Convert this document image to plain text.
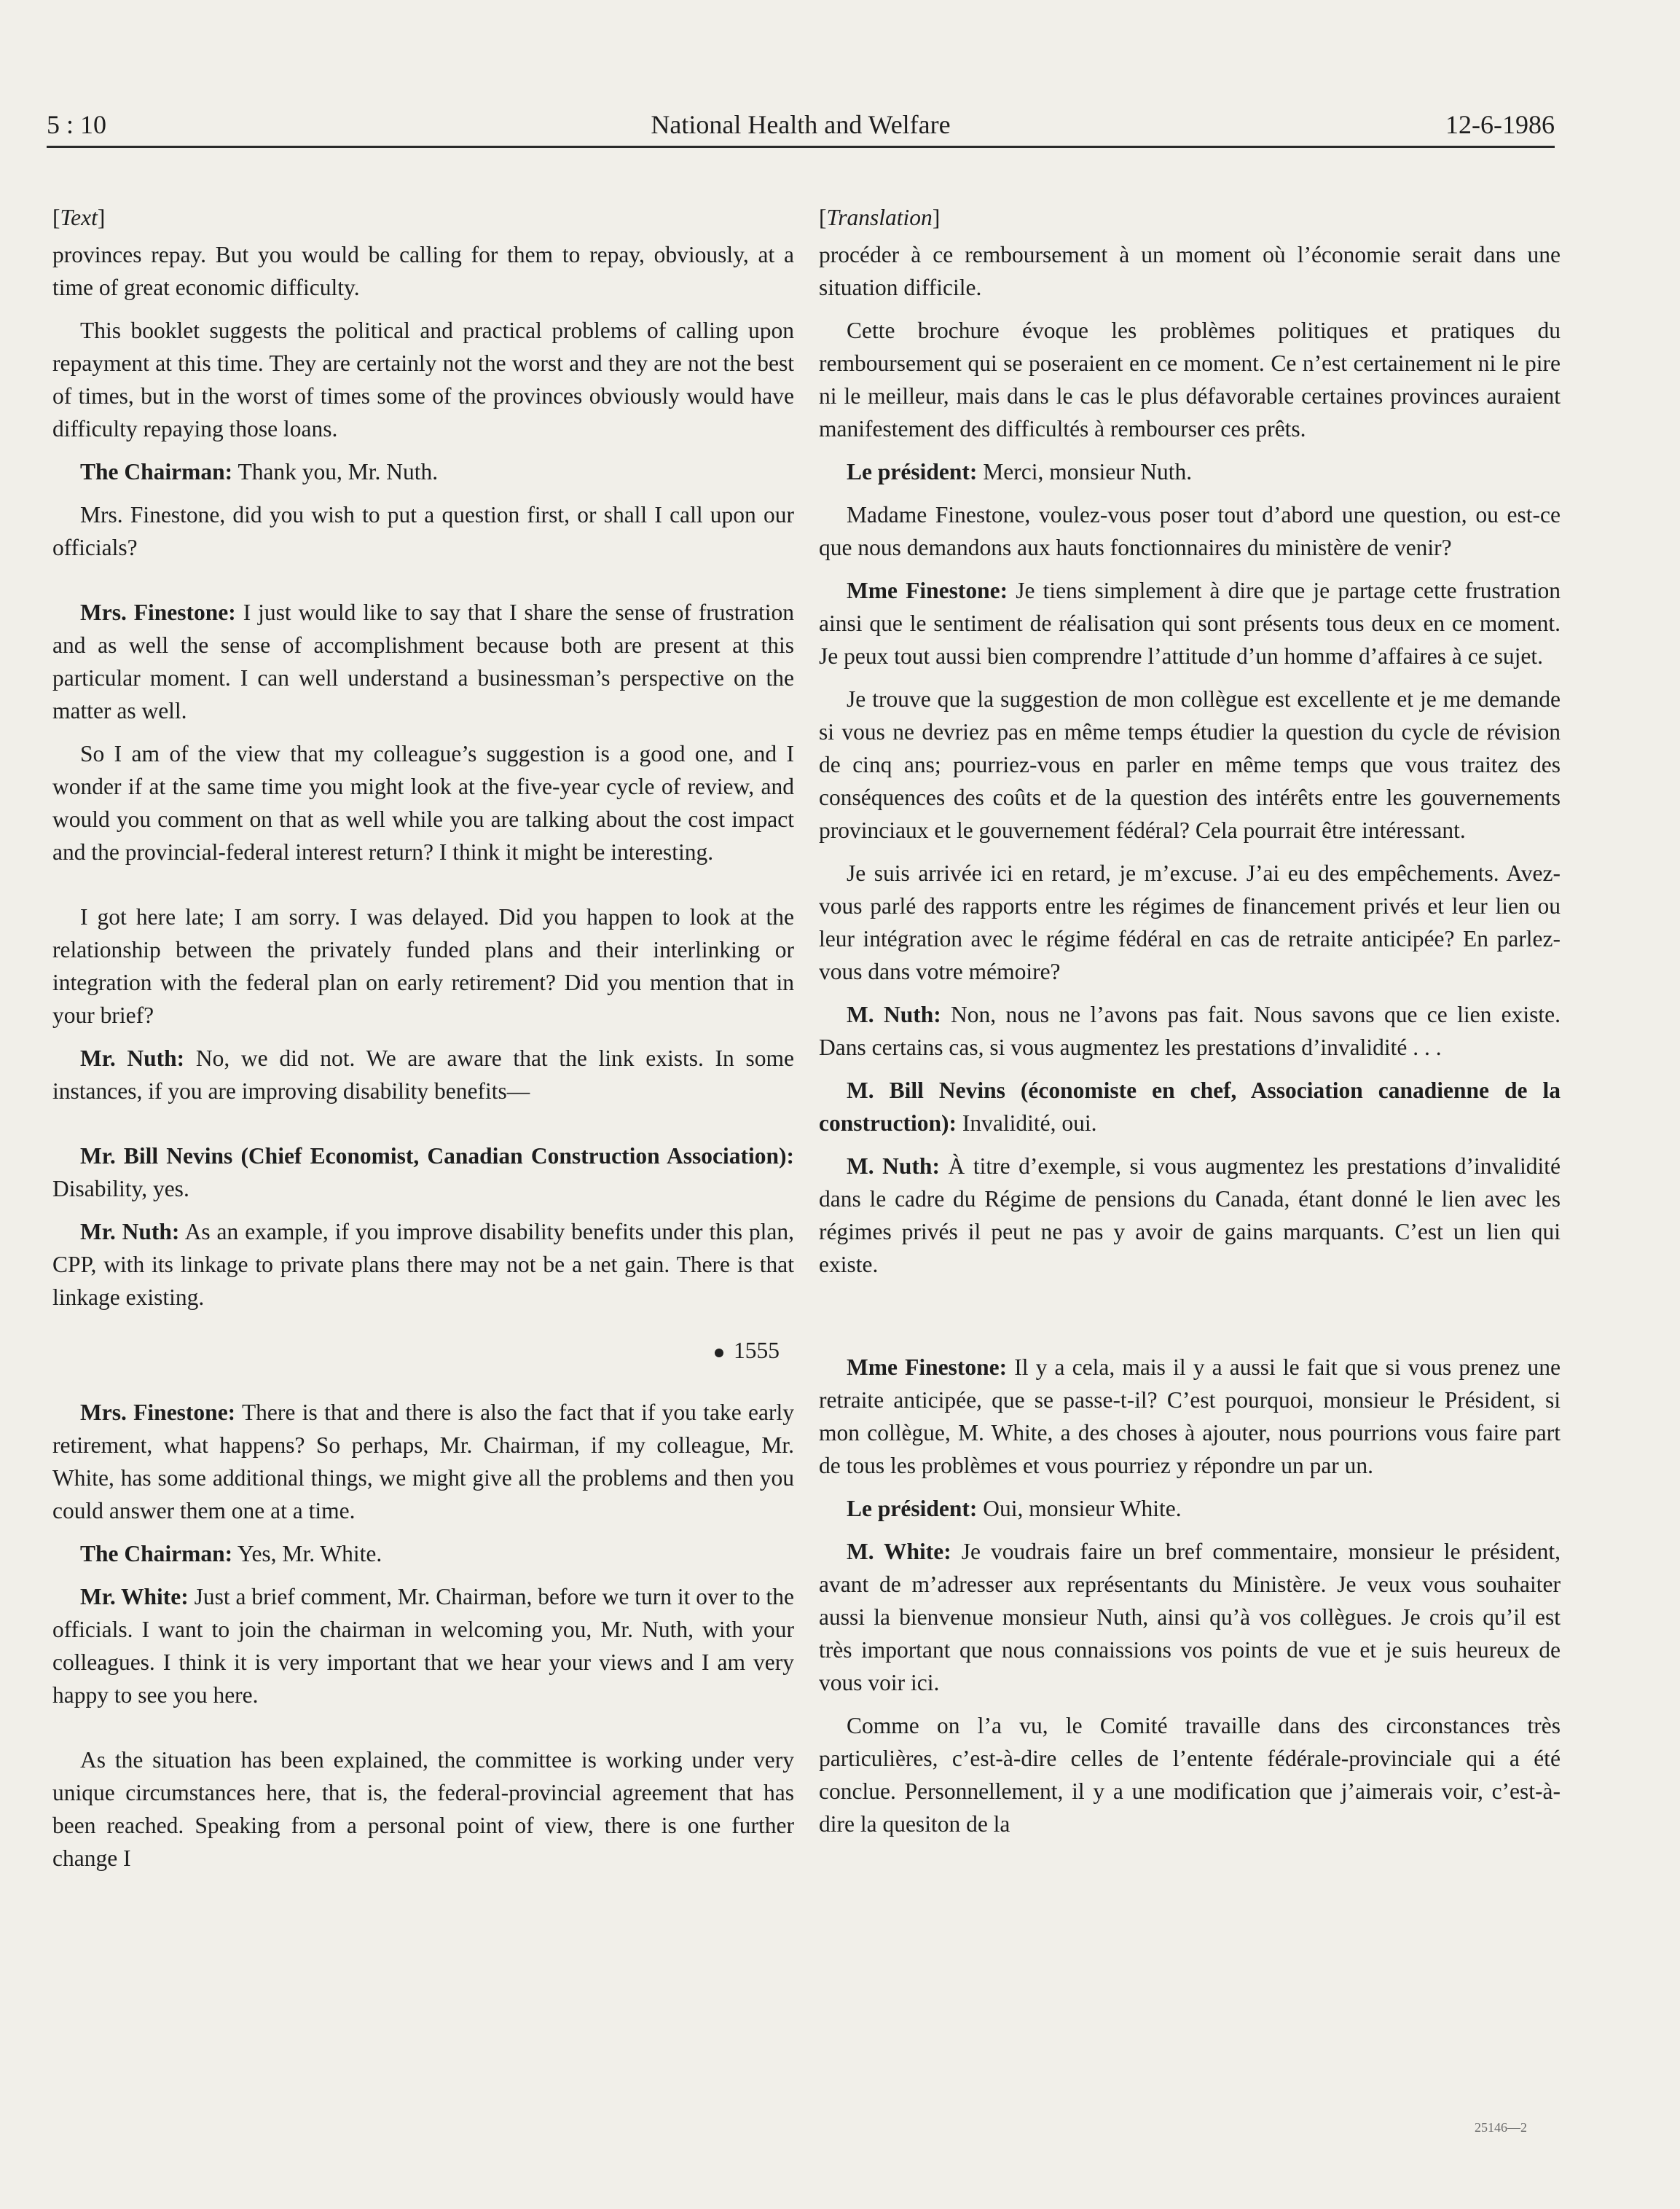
5 : 10	National Health and Welfare	12-6-1986
[Text]

provinces repay. But you would be calling for them to repay, obviously, at a time of great economic difficulty.

This booklet suggests the political and practical problems of calling upon repayment at this time. They are certainly not the worst and they are not the best of times, but in the worst of times some of the provinces obviously would have difficulty repaying those loans.

The Chairman: Thank you, Mr. Nuth.

Mrs. Finestone, did you wish to put a question first, or shall I call upon our officials?

Mrs. Finestone: I just would like to say that I share the sense of frustration and as well the sense of accomplishment because both are present at this particular moment. I can well understand a businessman’s perspective on the matter as well.

So I am of the view that my colleague’s suggestion is a good one, and I wonder if at the same time you might look at the five-year cycle of review, and would you comment on that as well while you are talking about the cost impact and the provincial-federal interest return? I think it might be interesting.

I got here late; I am sorry. I was delayed. Did you happen to look at the relationship between the privately funded plans and their interlinking or integration with the federal plan on early retirement? Did you mention that in your brief?

Mr. Nuth: No, we did not. We are aware that the link exists. In some instances, if you are improving disability benefits—

Mr. Bill Nevins (Chief Economist, Canadian Construction Association): Disability, yes.

Mr. Nuth: As an example, if you improve disability benefits under this plan, CPP, with its linkage to private plans there may not be a net gain. There is that linkage existing.

1555

Mrs. Finestone: There is that and there is also the fact that if you take early retirement, what happens? So perhaps, Mr. Chairman, if my colleague, Mr. White, has some additional things, we might give all the problems and then you could answer them one at a time.

The Chairman: Yes, Mr. White.

Mr. White: Just a brief comment, Mr. Chairman, before we turn it over to the officials. I want to join the chairman in welcoming you, Mr. Nuth, with your colleagues. I think it is very important that we hear your views and I am very happy to see you here.

As the situation has been explained, the committee is working under very unique circumstances here, that is, the federal-provincial agreement that has been reached. Speaking from a personal point of view, there is one further change I

[Translation]

procéder à ce remboursement à un moment où l’économie serait dans une situation difficile.

Cette brochure évoque les problèmes politiques et pratiques du remboursement qui se poseraient en ce moment. Ce n’est certainement ni le pire ni le meilleur, mais dans le cas le plus défavorable certaines provinces auraient manifestement des difficultés à rembourser ces prêts.

Le président: Merci, monsieur Nuth.

Madame Finestone, voulez-vous poser tout d’abord une question, ou est-ce que nous demandons aux hauts fonctionnaires du ministère de venir?

Mme Finestone: Je tiens simplement à dire que je partage cette frustration ainsi que le sentiment de réalisation qui sont présents tous deux en ce moment. Je peux tout aussi bien comprendre l’attitude d’un homme d’affaires à ce sujet.

Je trouve que la suggestion de mon collègue est excellente et je me demande si vous ne devriez pas en même temps étudier la question du cycle de révision de cinq ans; pourriez-vous en parler en même temps que vous traitez des conséquences des coûts et de la question des intérêts entre les gouvernements provinciaux et le gouvernement fédéral? Cela pourrait être intéressant.

Je suis arrivée ici en retard, je m’excuse. J’ai eu des empêchements. Avez-vous parlé des rapports entre les régimes de financement privés et leur lien ou leur intégration avec le régime fédéral en cas de retraite anticipée? En parlez-vous dans votre mémoire?

M. Nuth: Non, nous ne l’avons pas fait. Nous savons que ce lien existe. Dans certains cas, si vous augmentez les prestations d’invalidité . . .

M. Bill Nevins (économiste en chef, Association canadienne de la construction): Invalidité, oui.

M. Nuth: À titre d’exemple, si vous augmentez les prestations d’invalidité dans le cadre du Régime de pensions du Canada, étant donné le lien avec les régimes privés il peut ne pas y avoir de gains marquants. C’est un lien qui existe.

Mme Finestone: Il y a cela, mais il y a aussi le fait que si vous prenez une retraite anticipée, que se passe-t-il? C’est pourquoi, monsieur le Président, si mon collègue, M. White, a des choses à ajouter, nous pourrions vous faire part de tous les problèmes et vous pourriez y répondre un par un.

Le président: Oui, monsieur White.

M. White: Je voudrais faire un bref commentaire, monsieur le président, avant de m’adresser aux représentants du Ministère. Je veux vous souhaiter aussi la bienvenue monsieur Nuth, ainsi qu’à vos collègues. Je crois qu’il est très important que nous connaissions vos points de vue et je suis heureux de vous voir ici.

Comme on l’a vu, le Comité travaille dans des circonstances très particulières, c’est-à-dire celles de l’entente fédérale-provinciale qui a été conclue. Personnellement, il y a une modification que j’aimerais voir, c’est-à-dire la quesiton de la

25146—2
